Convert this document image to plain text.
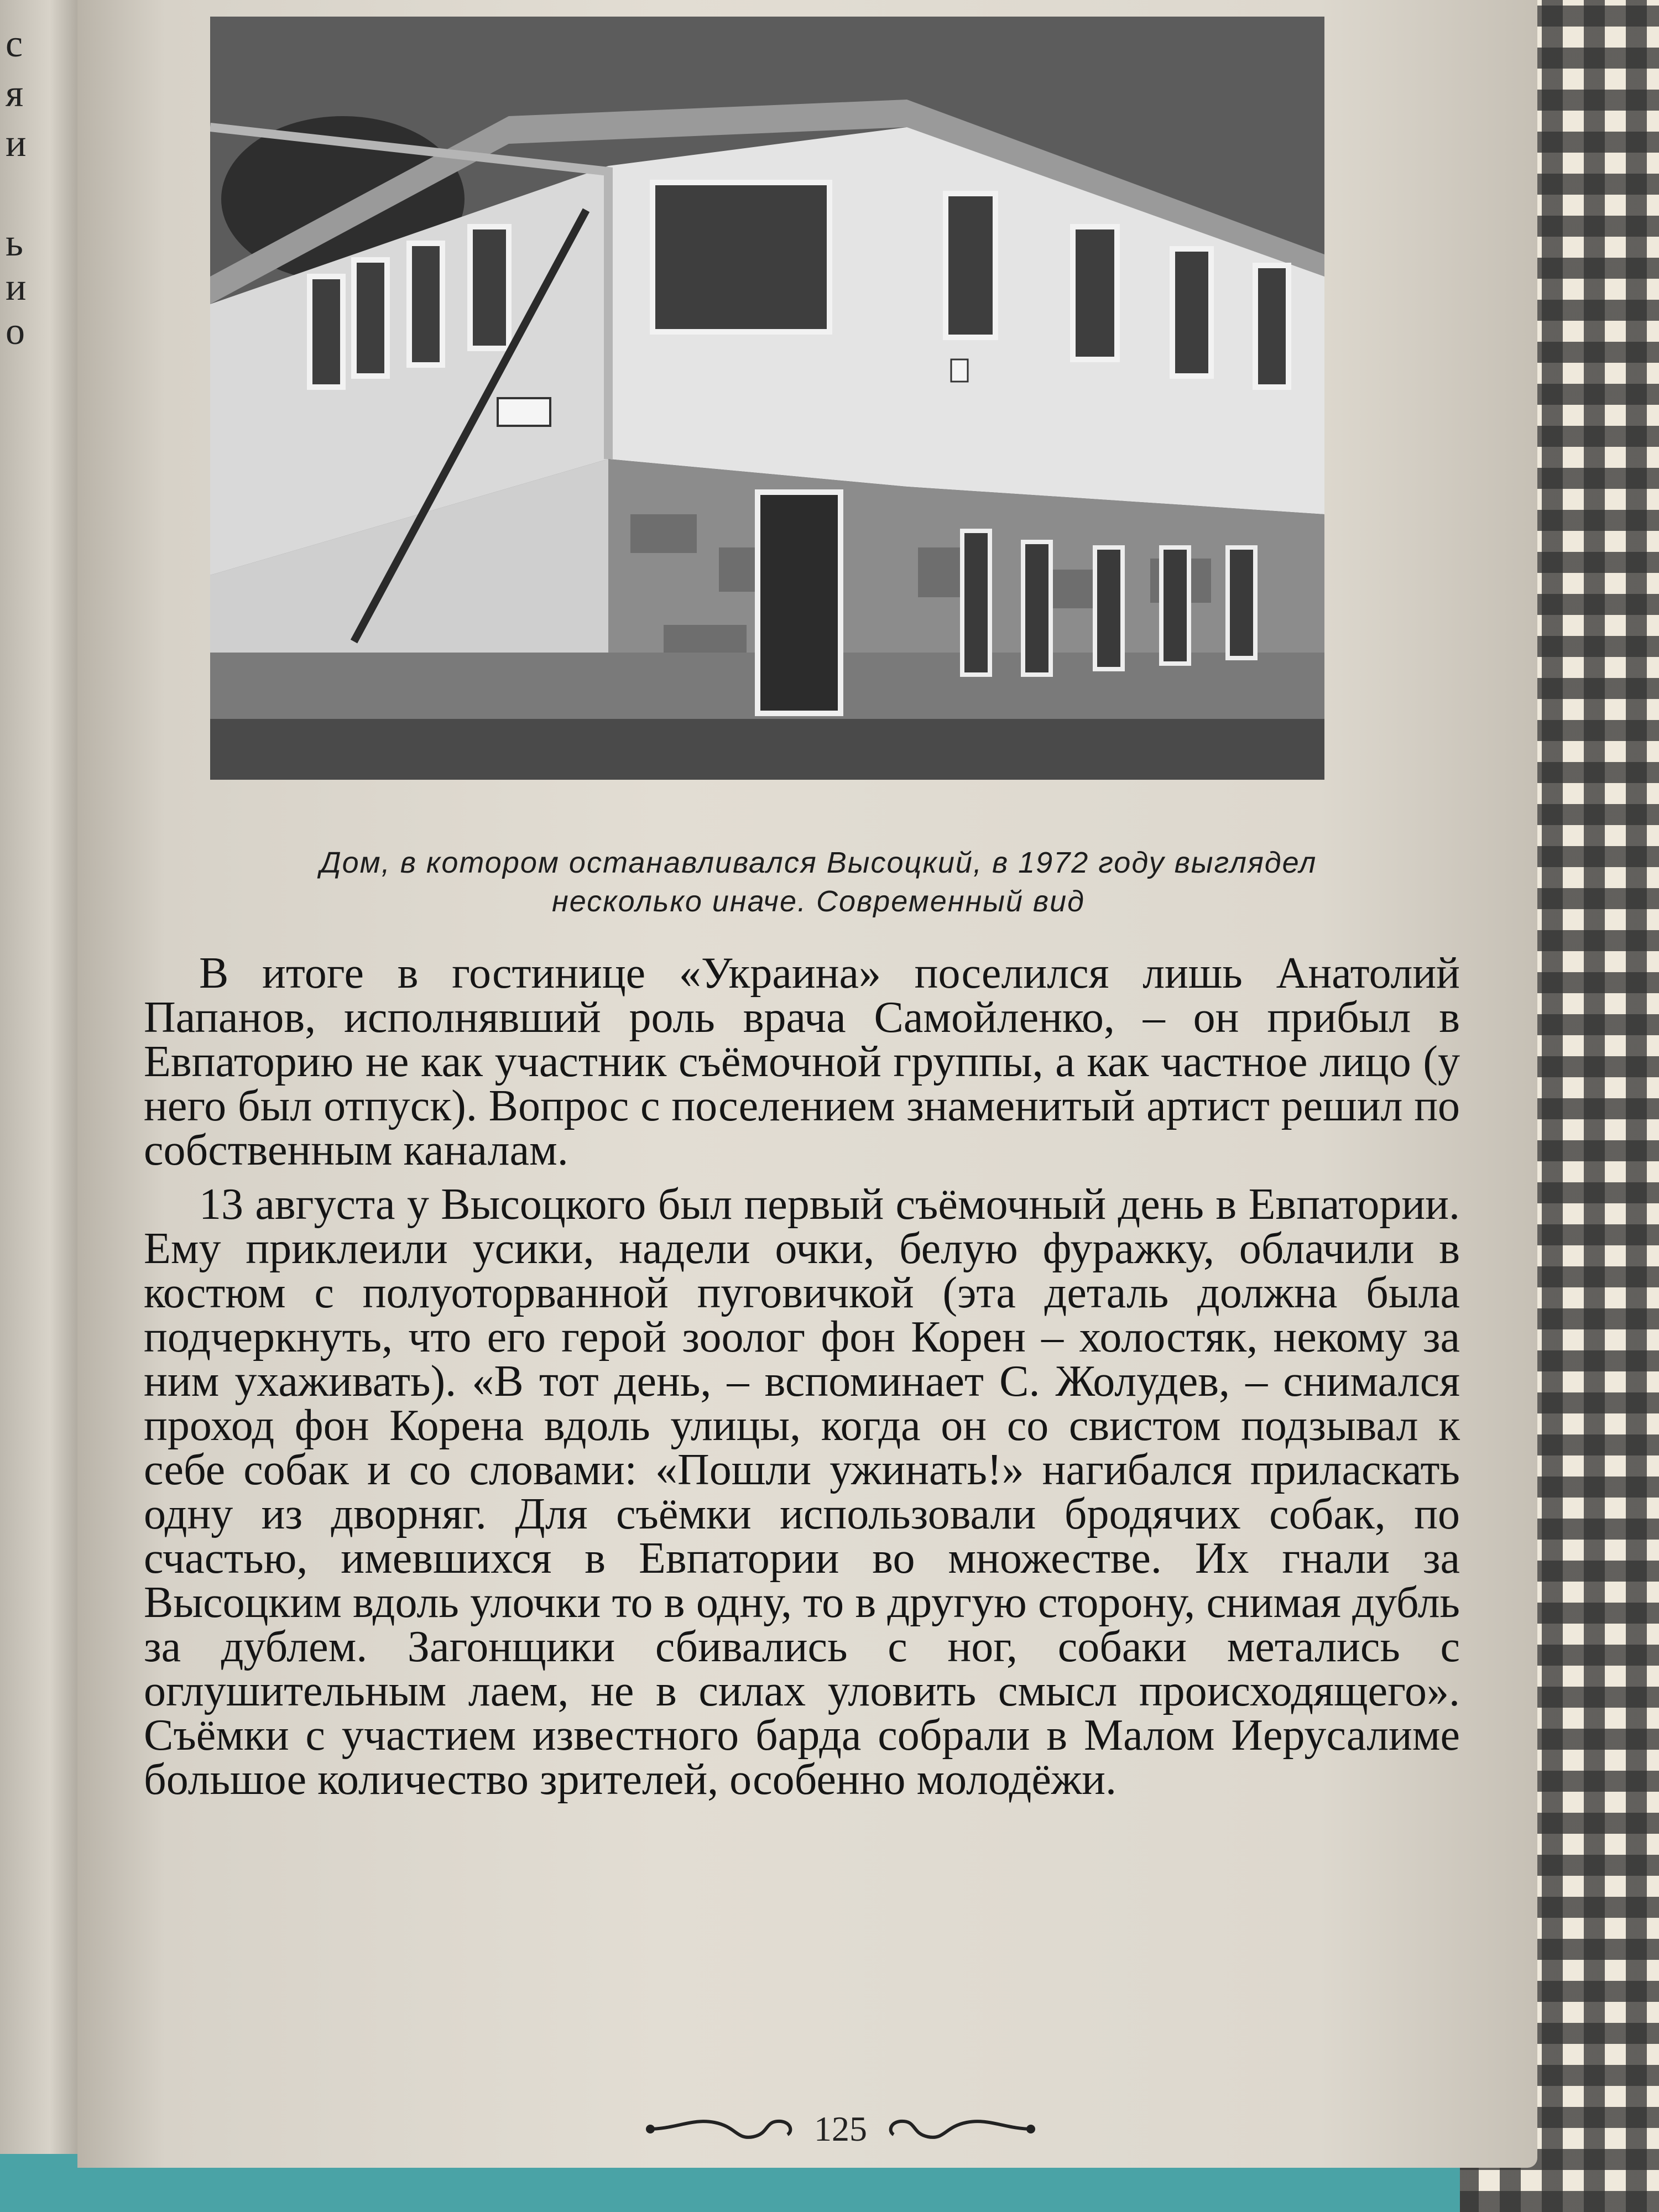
с
я
и
ь
и
о
Дом, в котором останавливался Высоцкий, в 1972 году выглядел
несколько иначе. Современный вид

В итоге в гостинице «Украина» поселился лишь Анатолий Папанов, исполнявший роль врача Самойленко, – он прибыл в Евпаторию не как участник съёмочной группы, а как частное лицо (у него был отпуск). Вопрос с поселением знаменитый артист решил по собственным каналам.

13 августа у Высоцкого был первый съёмочный день в Евпатории. Ему приклеили усики, надели очки, белую фуражку, облачили в костюм с полуоторванной пуговичкой (эта деталь должна была подчеркнуть, что его герой зоолог фон Корен – холостяк, некому за ним ухаживать). «В тот день, – вспоминает С. Жолудев, – снимался проход фон Корена вдоль улицы, когда он со свистом подзывал к себе собак и со словами: «Пошли ужинать!» нагибался приласкать одну из дворняг. Для съёмки использовали бродячих собак, по счастью, имевшихся в Евпатории во множестве. Их гнали за Высоцким вдоль улочки то в одну, то в другую сторону, снимая дубль за дублем. Загонщики сбивались с ног, собаки метались с оглушительным лаем, не в силах уловить смысл происходящего». Съёмки с участием известного барда собрали в Малом Иерусалиме большое количество зрителей, особенно молодёжи.

125
